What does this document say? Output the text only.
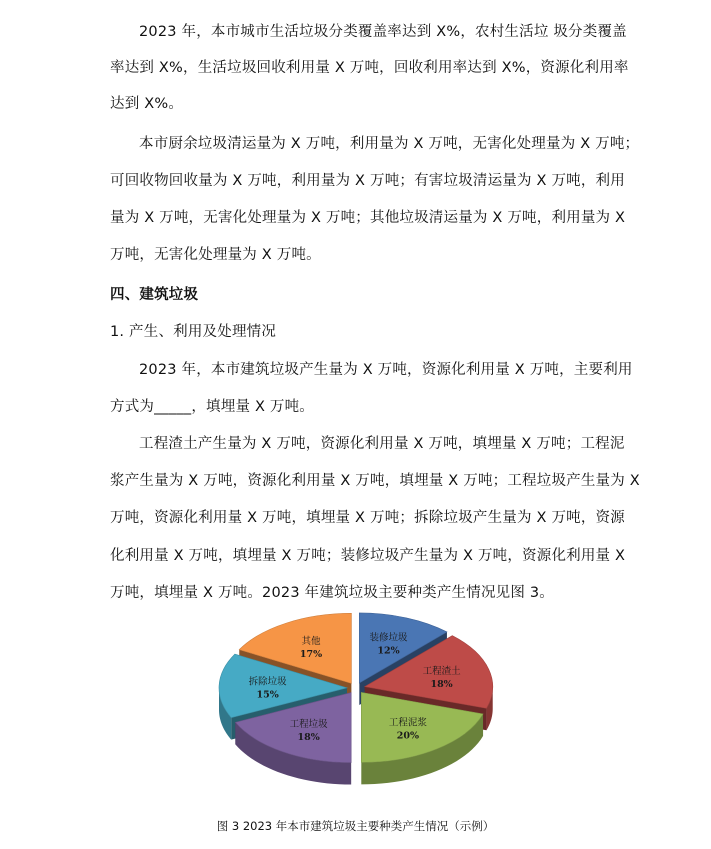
2023 年，本市城市生活垃圾分类覆盖率达到 X%，农村生活垃 圾分类覆盖
率达到 X%，生活垃圾回收利用量 X 万吨，回收利用率达到 X%，资源化利用率
达到 X%。
本市厨余垃圾清运量为 X 万吨，利用量为 X 万吨，无害化处理量为 X 万吨；
可回收物回收量为 X 万吨，利用量为 X 万吨；有害垃圾清运量为 X 万吨，利用
量为 X 万吨，无害化处理量为 X 万吨；其他垃圾清运量为 X 万吨，利用量为 X
万吨，无害化处理量为 X 万吨。
四、建筑垃圾
1. 产生、利用及处理情况
2023 年，本市建筑垃圾产生量为 X 万吨，资源化利用量 X 万吨，主要利用
方式为_____，填埋量 X 万吨。
工程渣土产生量为 X 万吨，资源化利用量 X 万吨，填埋量 X 万吨；工程泥
浆产生量为 X 万吨，资源化利用量 X 万吨，填埋量 X 万吨；工程垃圾产生量为 X
万吨，资源化利用量 X 万吨，填埋量 X 万吨；拆除垃圾产生量为 X 万吨，资源
化利用量 X 万吨，填埋量 X 万吨；装修垃圾产生量为 X 万吨，资源化利用量 X
万吨，填埋量 X 万吨。2023 年建筑垃圾主要种类产生情况见图 3。
装修垃圾
12%
工程渣土
18%
工程泥浆
20%
工程垃圾
18%
拆除垃圾
15%
其他
17%
图 3 2023 年本市建筑垃圾主要种类产生情况（示例）
